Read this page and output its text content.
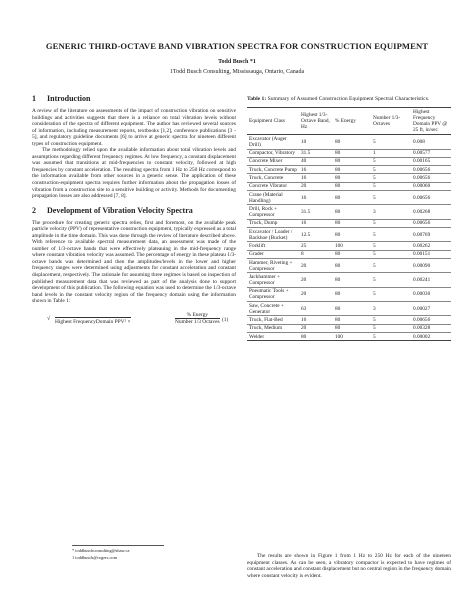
GENERIC THIRD-OCTAVE BAND VIBRATION SPECTRA FOR CONSTRUCTION EQUIPMENT
Todd Busch *1
1Todd Busch Consulting, Mississauga, Ontario, Canada
1	Introduction

A review of the literature on assessments of the impact of construction vibration on sensitive buildings and activities suggests that there is a reliance on total vibration levels without consideration of the spectra of different equipment. The author has reviewed several sources of information, including measurement reports, textbooks [1,2], conference publications [3 - 5], and regulatory guideline documents [6] to arrive at generic spectra for nineteen different types of construction equipment.

The methodology relied upon the available information about total vibration levels and assumptions regarding different frequency regimes. At low frequency, a constant displacement was assumed that transitions at mid-frequencies to constant velocity, followed at high frequencies by constant acceleration. The resulting spectra from 1 Hz to 250 Hz correspond to the information available from other sources in a generic sense. The application of these construction-equipment spectra requires further information about the propagation losses of vibration from a construction site to a sensitive building or activity. Methods for documenting propagation losses are also addressed [7, 8].

2	Development of Vibration Velocity Spectra

The procedure for creating generic spectra relies, first and foremost, on the available peak particle velocity (PPV) of representative construction equipment, typically expressed as a total amplitude in the time domain. This was done through the review of literature described above. With reference to available spectral measurement data, an assessment was made of the number of 1/3-octave bands that were effectively plateauing in the mid-frequency range where constant vibration velocity was assumed. The percentage of energy in these plateau 1/3-octave bands was determined and then the amplitudes/levels in the lower and higher frequency ranges were determined using adjustments for constant acceleration and constant displacement, respectively. The rationale for assuming three regimes is based on inspection of published measurement data that was reviewed as part of the analysis done to support development of this publication. The following equation was used to determine the 1/3-octave band levels in the constant velocity region of the frequency domain using the information shown in Table 1:

√ Highest FrequencyDomain PPV² ×
% Energy
Number 1/3 Octaves (1)
* toddbuschconsulting@shaw.ca
1 toddbusch@rogers.com

Table 1: Summary of Assumed Construction Equipment Spectral Characteristics.

Equipment Class	Highest 1/3-Octave Band, Hz	% Energy	Number 1/3-Octaves	Highest Frequency Domain PPV @ 25 ft, in/sec
Excavator (Auger Drill)	10	80	5	0.008
Compactor, Vibratory	31.5	80	1	0.00577
Concrete Mixer	40	80	5	0.00165
Truck, Concrete Pump	16	80	5	0.00656
Truck, Concrete	16	80	5	0.00656
Concrete Vibrator	20	80	5	0.00060
Crane (Material Handling)	16	80	5	0.00656
Drill, Rock + Compressor	31.5	80	3	0.00268
Truck, Dump	16	80	5	0.00656
Excavator / Loader / Backhoe (Bucket)	12.5	80	5	0.00769
Forklift	25	100	5	0.00262
Grader	8	80	5	0.00151
Hammer, Riveting + Compressor	20	80	5	0.00090
Jackhammer + Compressor	20	80	5	0.00241
Pneumatic Tools + Compressor	20	80	5	0.00030
Saw, Concrete + Generator	63	80	3	0.00027
Truck, Flat-Bed	16	80	5	0.00656
Truck, Medium	20	80	5	0.00328
Welder	80	100	5	0.00002

The results are shown in Figure 1 from 1 Hz to 250 Hz for each of the nineteen equipment classes. As can be seen, a vibratory compactor is expected to have regimes of constant acceleration and constant displacement but no central region in the frequency domain where constant velocity is evident.
